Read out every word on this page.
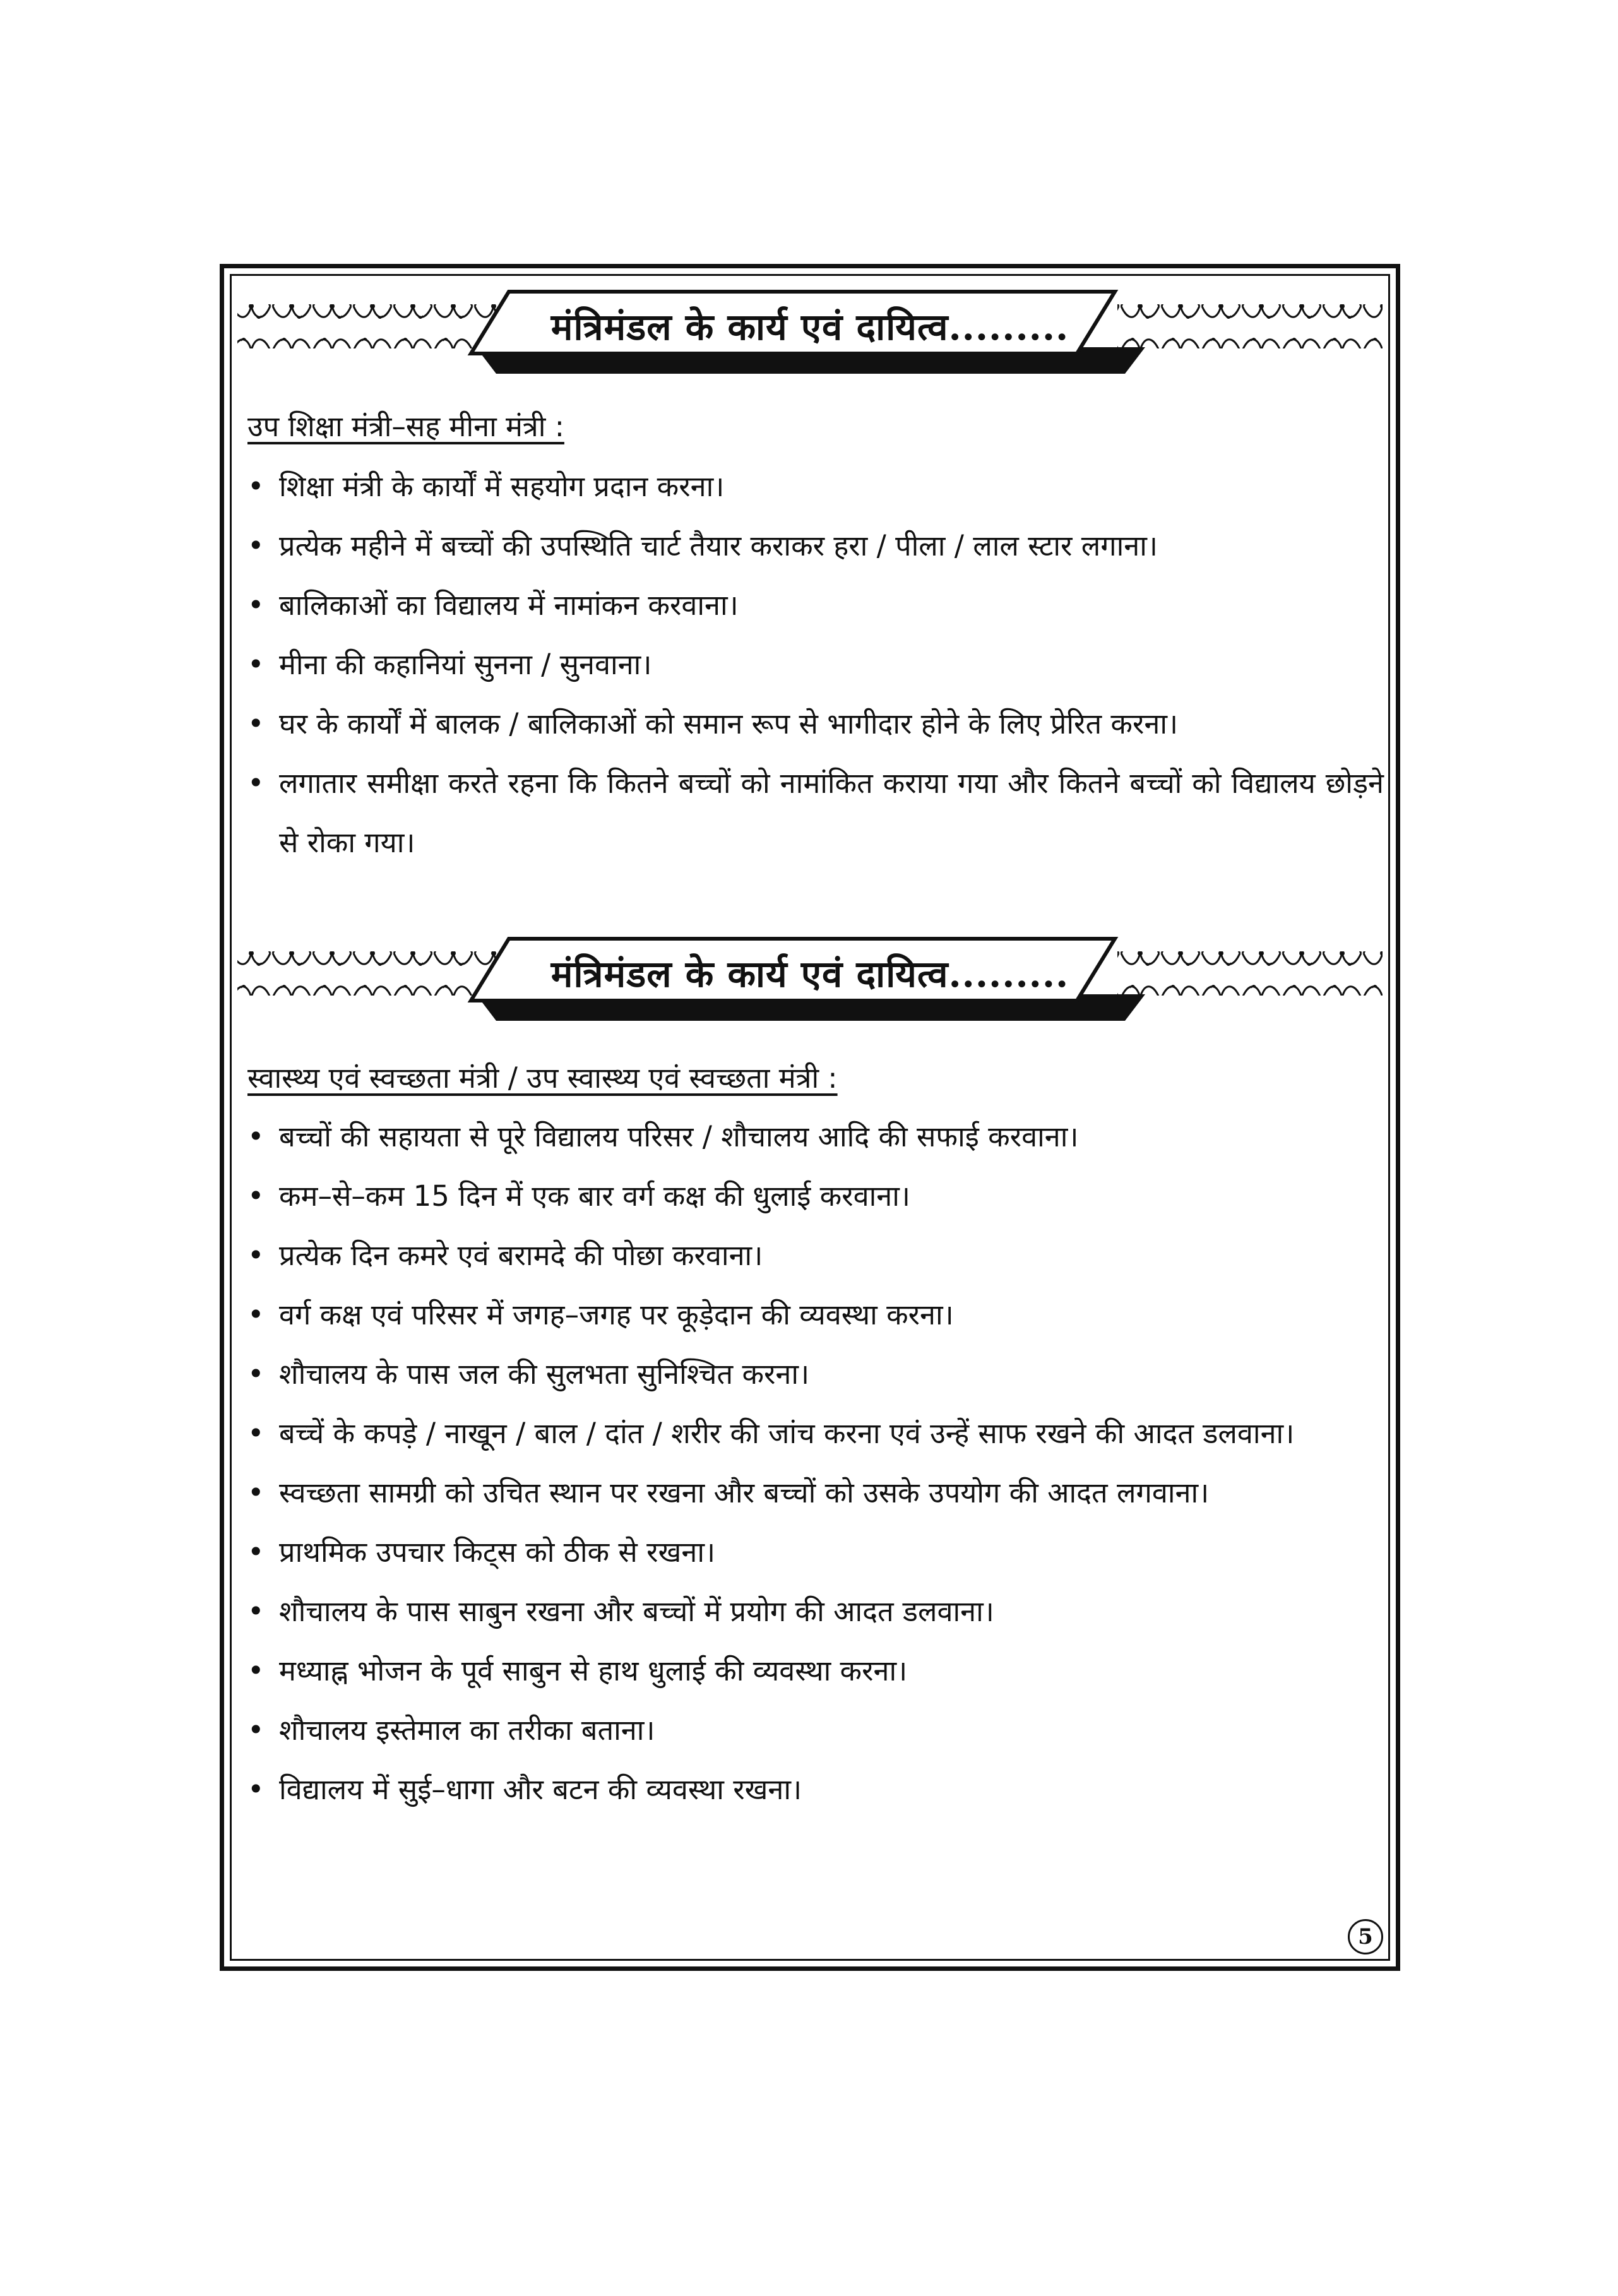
मंत्रिमंडल के कार्य एवं दायित्व.........
उप शिक्षा मंत्री–सह मीना मंत्री :
• शिक्षा मंत्री के कार्यों में सहयोग प्रदान करना।
• प्रत्येक महीने में बच्चों की उपस्थिति चार्ट तैयार कराकर हरा / पीला / लाल स्टार लगाना।
• बालिकाओं का विद्यालय में नामांकन करवाना।
• मीना की कहानियां सुनना / सुनवाना।
• घर के कार्यों में बालक / बालिकाओं को समान रूप से भागीदार होने के लिए प्रेरित करना।
• लगातार समीक्षा करते रहना कि कितने बच्चों को नामांकित कराया गया और कितने बच्चों को विद्यालय छोड़ने से रोका गया।
मंत्रिमंडल के कार्य एवं दायित्व.........
स्वास्थ्य एवं स्वच्छता मंत्री / उप स्वास्थ्य एवं स्वच्छता मंत्री :
• बच्चों की सहायता से पूरे विद्यालय परिसर / शौचालय आदि की सफाई करवाना।
• कम–से–कम 15 दिन में एक बार वर्ग कक्ष की धुलाई करवाना।
• प्रत्येक दिन कमरे एवं बरामदे की पोछा करवाना।
• वर्ग कक्ष एवं परिसर में जगह–जगह पर कूड़ेदान की व्यवस्था करना।
• शौचालय के पास जल की सुलभता सुनिश्चित करना।
• बच्चें के कपड़े / नाखून / बाल / दांत / शरीर की जांच करना एवं उन्हें साफ रखने की आदत डलवाना।
• स्वच्छता सामग्री को उचित स्थान पर रखना और बच्चों को उसके उपयोग की आदत लगवाना।
• प्राथमिक उपचार किट्स को ठीक से रखना।
• शौचालय के पास साबुन रखना और बच्चों में प्रयोग की आदत डलवाना।
• मध्याह्न भोजन के पूर्व साबुन से हाथ धुलाई की व्यवस्था करना।
• शौचालय इस्तेमाल का तरीका बताना।
• विद्यालय में सुई–धागा और बटन की व्यवस्था रखना।
5
